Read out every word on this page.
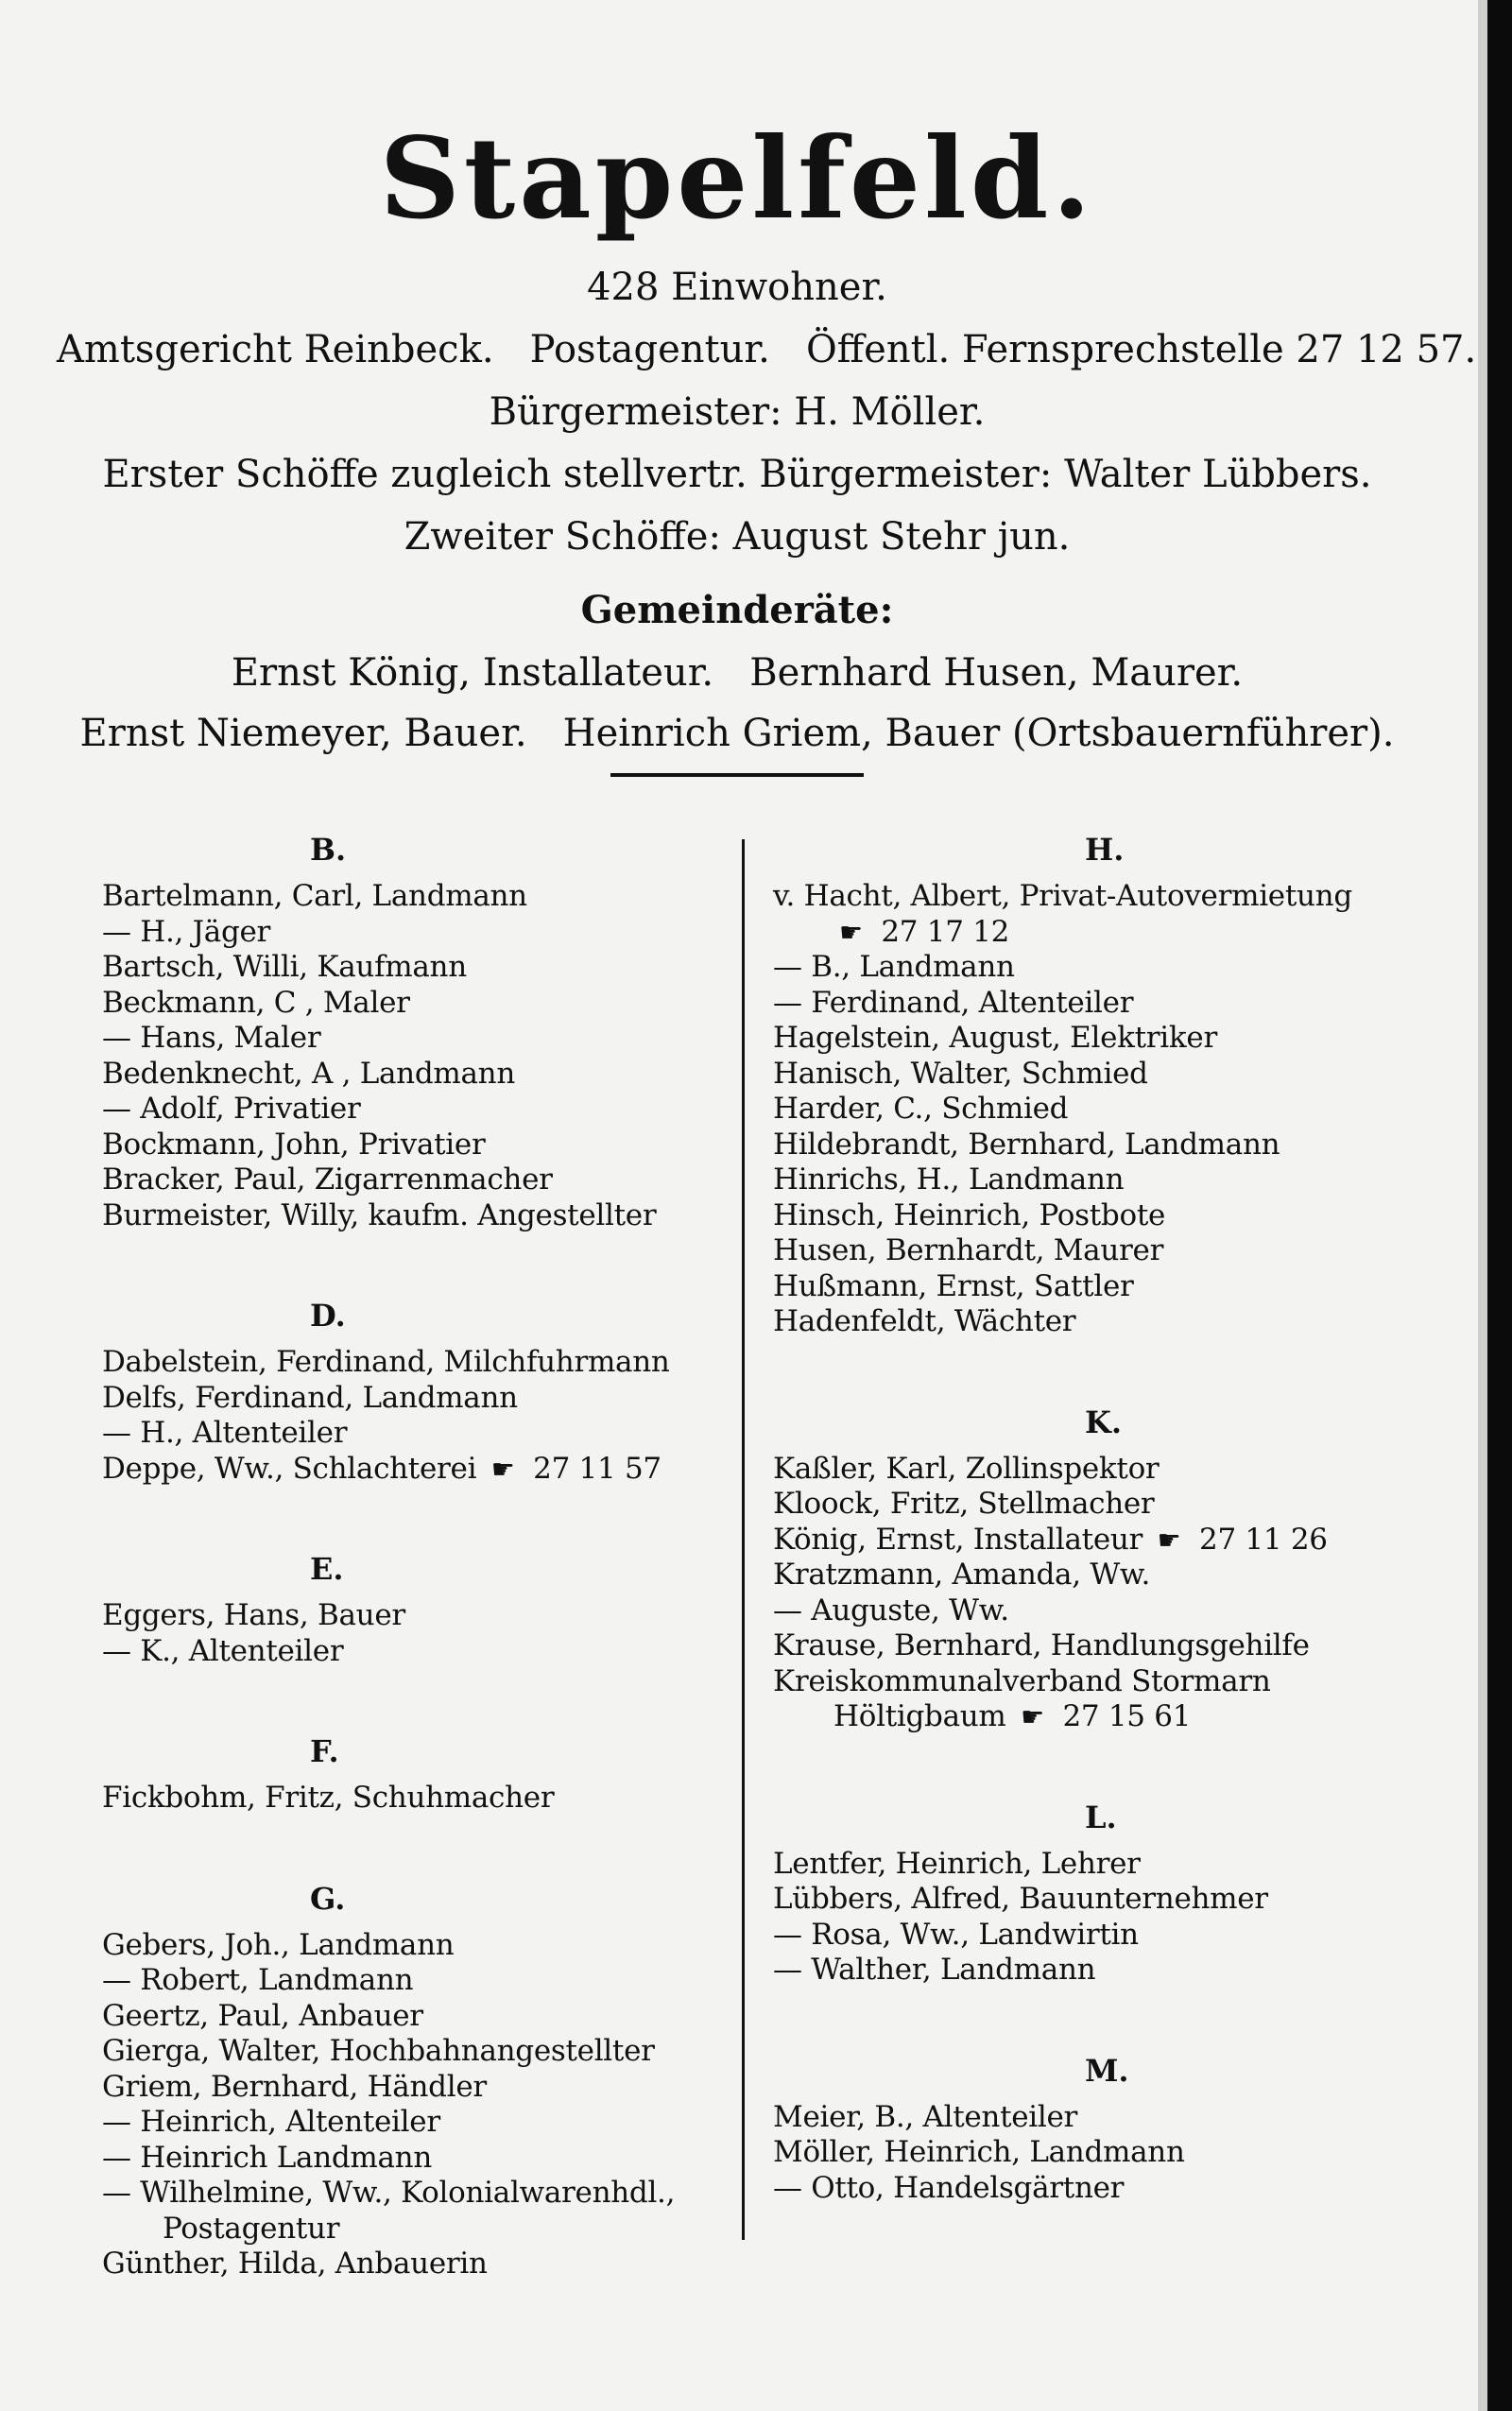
Stapelfeld.
428 Einwohner.
Amtsgericht Reinbeck.   Postagentur.   Öffentl. Fernsprechstelle 27 12 57.
Bürgermeister: H. Möller.
Erster Schöffe zugleich stellvertr. Bürgermeister: Walter Lübbers.
Zweiter Schöffe: August Stehr jun.
Gemeinderäte:
Ernst König, Installateur.   Bernhard Husen, Maurer.
Ernst Niemeyer, Bauer.   Heinrich Griem, Bauer (Ortsbauernführer).
B.
Bartelmann, Carl, Landmann
— H., Jäger
Bartsch, Willi, Kaufmann
Beckmann, C , Maler
— Hans, Maler
Bedenknecht, A , Landmann
— Adolf, Privatier
Bockmann, John, Privatier
Bracker, Paul, Zigarrenmacher
Burmeister, Willy, kaufm. Angestellter
D.
Dabelstein, Ferdinand, Milchfuhrmann
Delfs, Ferdinand, Landmann
— H., Altenteiler
Deppe, Ww., Schlachterei ☛ 27 11 57
E.
Eggers, Hans, Bauer
— K., Altenteiler
F.
Fickbohm, Fritz, Schuhmacher
G.
Gebers, Joh., Landmann
— Robert, Landmann
Geertz, Paul, Anbauer
Gierga, Walter, Hochbahnangestellter
Griem, Bernhard, Händler
— Heinrich, Altenteiler
— Heinrich Landmann
— Wilhelmine, Ww., Kolonialwarenhdl.,
Postagentur
Günther, Hilda, Anbauerin
H.
v. Hacht, Albert, Privat-Autovermietung
☛ 27 17 12
— B., Landmann
— Ferdinand, Altenteiler
Hagelstein, August, Elektriker
Hanisch, Walter, Schmied
Harder, C., Schmied
Hildebrandt, Bernhard, Landmann
Hinrichs, H., Landmann
Hinsch, Heinrich, Postbote
Husen, Bernhardt, Maurer
Hußmann, Ernst, Sattler
Hadenfeldt, Wächter
K.
Kaßler, Karl, Zollinspektor
Kloock, Fritz, Stellmacher
König, Ernst, Installateur ☛ 27 11 26
Kratzmann, Amanda, Ww.
— Auguste, Ww.
Krause, Bernhard, Handlungsgehilfe
Kreiskommunalverband Stormarn
Höltigbaum ☛ 27 15 61
L.
Lentfer, Heinrich, Lehrer
Lübbers, Alfred, Bauunternehmer
— Rosa, Ww., Landwirtin
— Walther, Landmann
M.
Meier, B., Altenteiler
Möller, Heinrich, Landmann
— Otto, Handelsgärtner
